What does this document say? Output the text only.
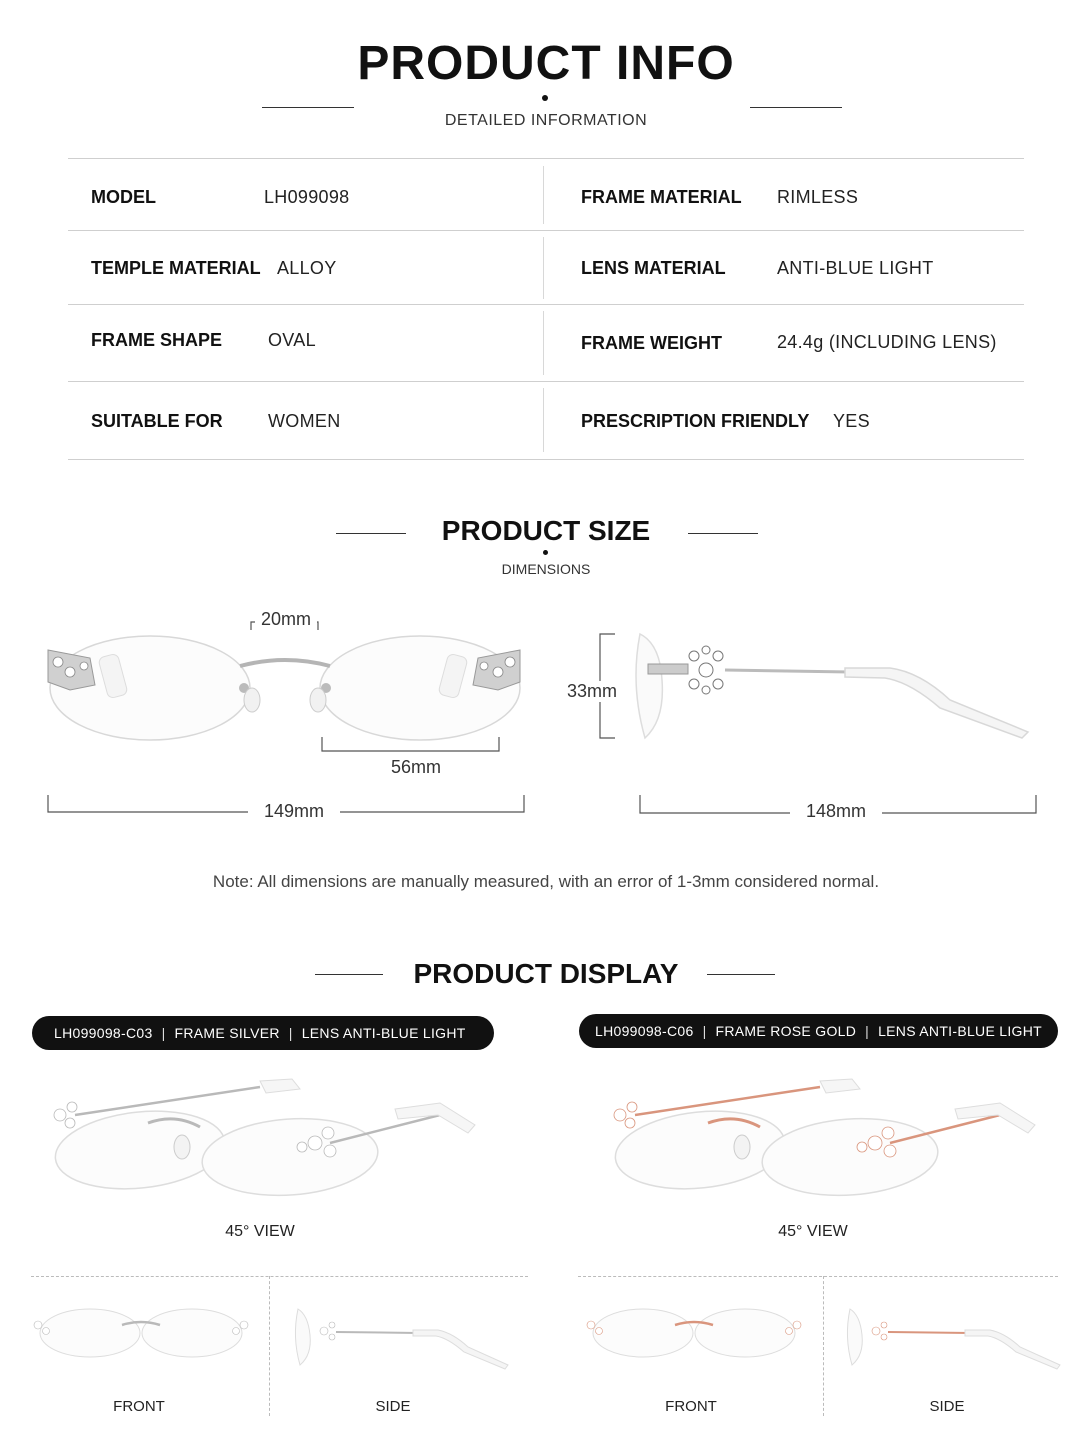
PRODUCT INFO
DETAILED INFORMATION
MODEL	LH099098	FRAME MATERIAL RIMLESS
TEMPLE MATERIAL ALLOY	LENS MATERIAL	ANTI-BLUE LIGHT
FRAME SHAPE	OVAL	FRAME WEIGHT	24.4g (INCLUDING LENS)
SUITABLE FOR	WOMEN	PRESCRIPTION FRIENDLY YES
PRODUCT SIZE
DIMENSIONS
20mm
56mm
149mm
33mm
148mm
Note: All dimensions are manually measured, with an error of 1-3mm considered normal.
PRODUCT DISPLAY
LH099098-C03 | FRAME SILVER | LENS ANTI-BLUE LIGHT	LH099098-C06 | FRAME ROSE GOLD | LENS ANTI-BLUE LIGHT
45° VIEW	45° VIEW
FRONT	SIDE	FRONT	SIDE
